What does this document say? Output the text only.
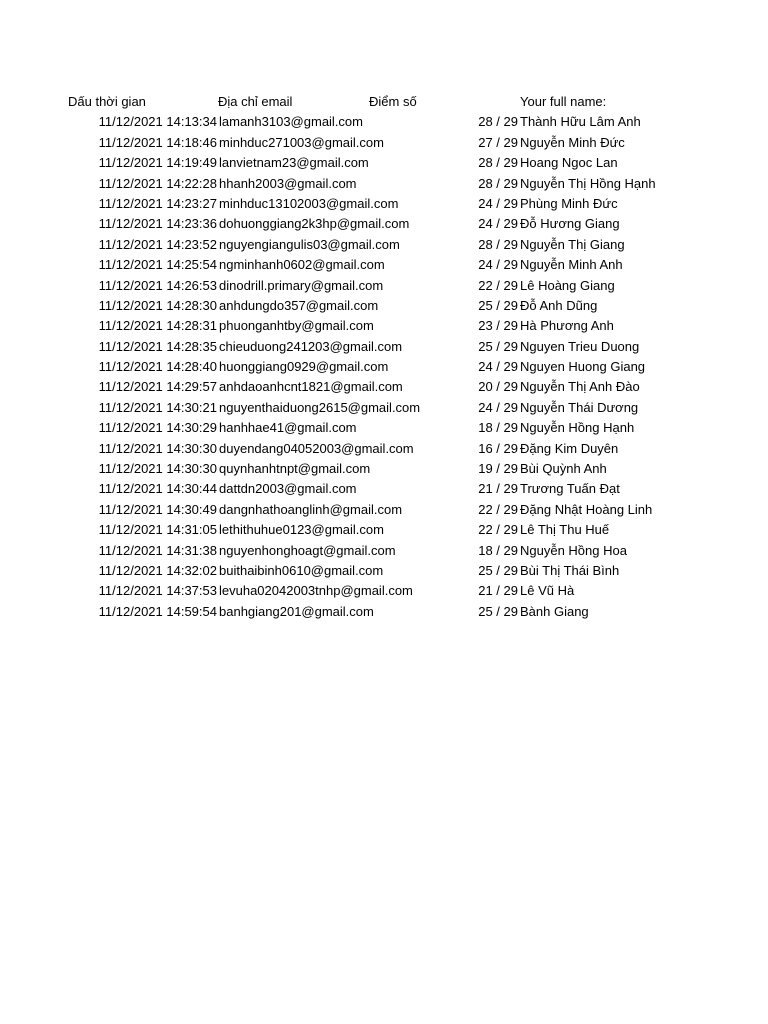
Dấu thời gian	Địa chỉ email	Điểm số	Your full name:
11/12/2021 14:13:34 lamanh3103@gmail.com	28 / 29 Thành Hữu Lâm Anh
11/12/2021 14:18:46 minhduc271003@gmail.com	27 / 29 Nguyễn Minh Đức
11/12/2021 14:19:49 lanvietnam23@gmail.com	28 / 29 Hoang Ngoc Lan
11/12/2021 14:22:28 hhanh2003@gmail.com	28 / 29 Nguyễn Thị Hồng Hạnh
11/12/2021 14:23:27 minhduc13102003@gmail.com	24 / 29 Phùng Minh Đức
11/12/2021 14:23:36 dohuonggiang2k3hp@gmail.com	24 / 29 Đỗ Hương Giang
11/12/2021 14:23:52 nguyengiangulis03@gmail.com	28 / 29 Nguyễn Thị Giang
11/12/2021 14:25:54 ngminhanh0602@gmail.com	24 / 29 Nguyễn Minh Anh
11/12/2021 14:26:53 dinodrill.primary@gmail.com	22 / 29 Lê Hoàng Giang
11/12/2021 14:28:30 anhdungdo357@gmail.com	25 / 29 Đỗ Anh Dũng
11/12/2021 14:28:31 phuonganhtby@gmail.com	23 / 29 Hà Phương Anh
11/12/2021 14:28:35 chieuduong241203@gmail.com	25 / 29 Nguyen Trieu Duong
11/12/2021 14:28:40 huonggiang0929@gmail.com	24 / 29 Nguyen Huong Giang
11/12/2021 14:29:57 anhdaoanhcnt1821@gmail.com	20 / 29 Nguyễn Thị Anh Đào
11/12/2021 14:30:21 nguyenthaiduong2615@gmail.com	24 / 29 Nguyễn Thái Dương
11/12/2021 14:30:29 hanhhae41@gmail.com	18 / 29 Nguyễn Hồng Hạnh
11/12/2021 14:30:30 duyendang04052003@gmail.com	16 / 29 Đặng Kim Duyên
11/12/2021 14:30:30 quynhanhtnpt@gmail.com	19 / 29 Bùi Quỳnh Anh
11/12/2021 14:30:44 dattdn2003@gmail.com	21 / 29 Trương Tuấn Đạt
11/12/2021 14:30:49 dangnhathoanglinh@gmail.com	22 / 29 Đặng Nhật Hoàng Linh
11/12/2021 14:31:05 lethithuhue0123@gmail.com	22 / 29 Lê Thị Thu Huế
11/12/2021 14:31:38 nguyenhonghoagt@gmail.com	18 / 29 Nguyễn Hồng Hoa
11/12/2021 14:32:02 buithaibinh0610@gmail.com	25 / 29 Bùi Thị Thái Bình
11/12/2021 14:37:53 levuha02042003tnhp@gmail.com	21 / 29 Lê Vũ Hà
11/12/2021 14:59:54 banhgiang201@gmail.com	25 / 29 Bành Giang
